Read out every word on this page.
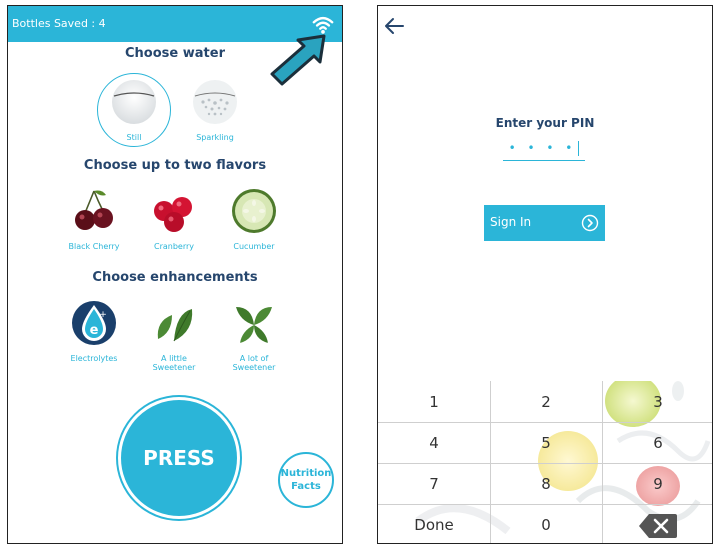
Bottles Saved : 4
Choose water
Still	Sparkling
Choose up to two flavors
Black Cherry	Cranberry	Cucumber
Choose enhancements
e
+
Electrolytes	A little
Sweetener
A lot of
Sweetener
PRESS
Nutrition
Facts
Enter your PIN
• • • •
Sign In
1	2	3
4	5	6
7	8	9
Done	0
